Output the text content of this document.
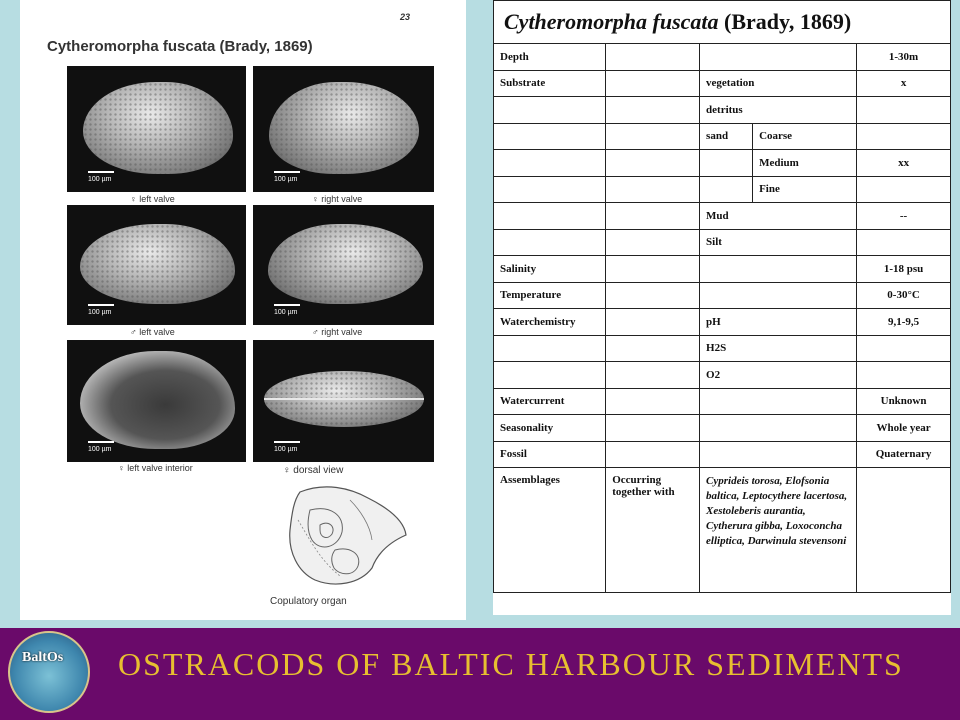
23
Cytheromorpha fuscata (Brady, 1869)
100 µm
♀ left valve
100 µm
♀ right valve
100 µm
♂ left valve
100 µm
♂ right valve
100 µm
♀ left valve interior
100 µm
♀ dorsal view
Copulatory organ
Cytheromorpha fuscata (Brady, 1869)				
Depth				1-30m
Substrate		vegetation		x
		detritus		
		sand	Coarse	
			Medium	xx
			Fine	
		Mud		--
		Silt		
Salinity				1-18 psu
Temperature				0-30°C
Waterchemistry		pH		9,1-9,5
		H2S		
		O2		
Watercurrent				Unknown
Seasonality				Whole year
Fossil				Quaternary
Assemblages	Occurring together with	Cyprideis torosa, Elofsonia baltica, Leptocythere lacertosa, Xestoleberis aurantia, Cytherura gibba, Loxoconcha elliptica, Darwinula stevensoni		
BaltOs OSTRACODS OF BALTIC HARBOUR SEDIMENTS
